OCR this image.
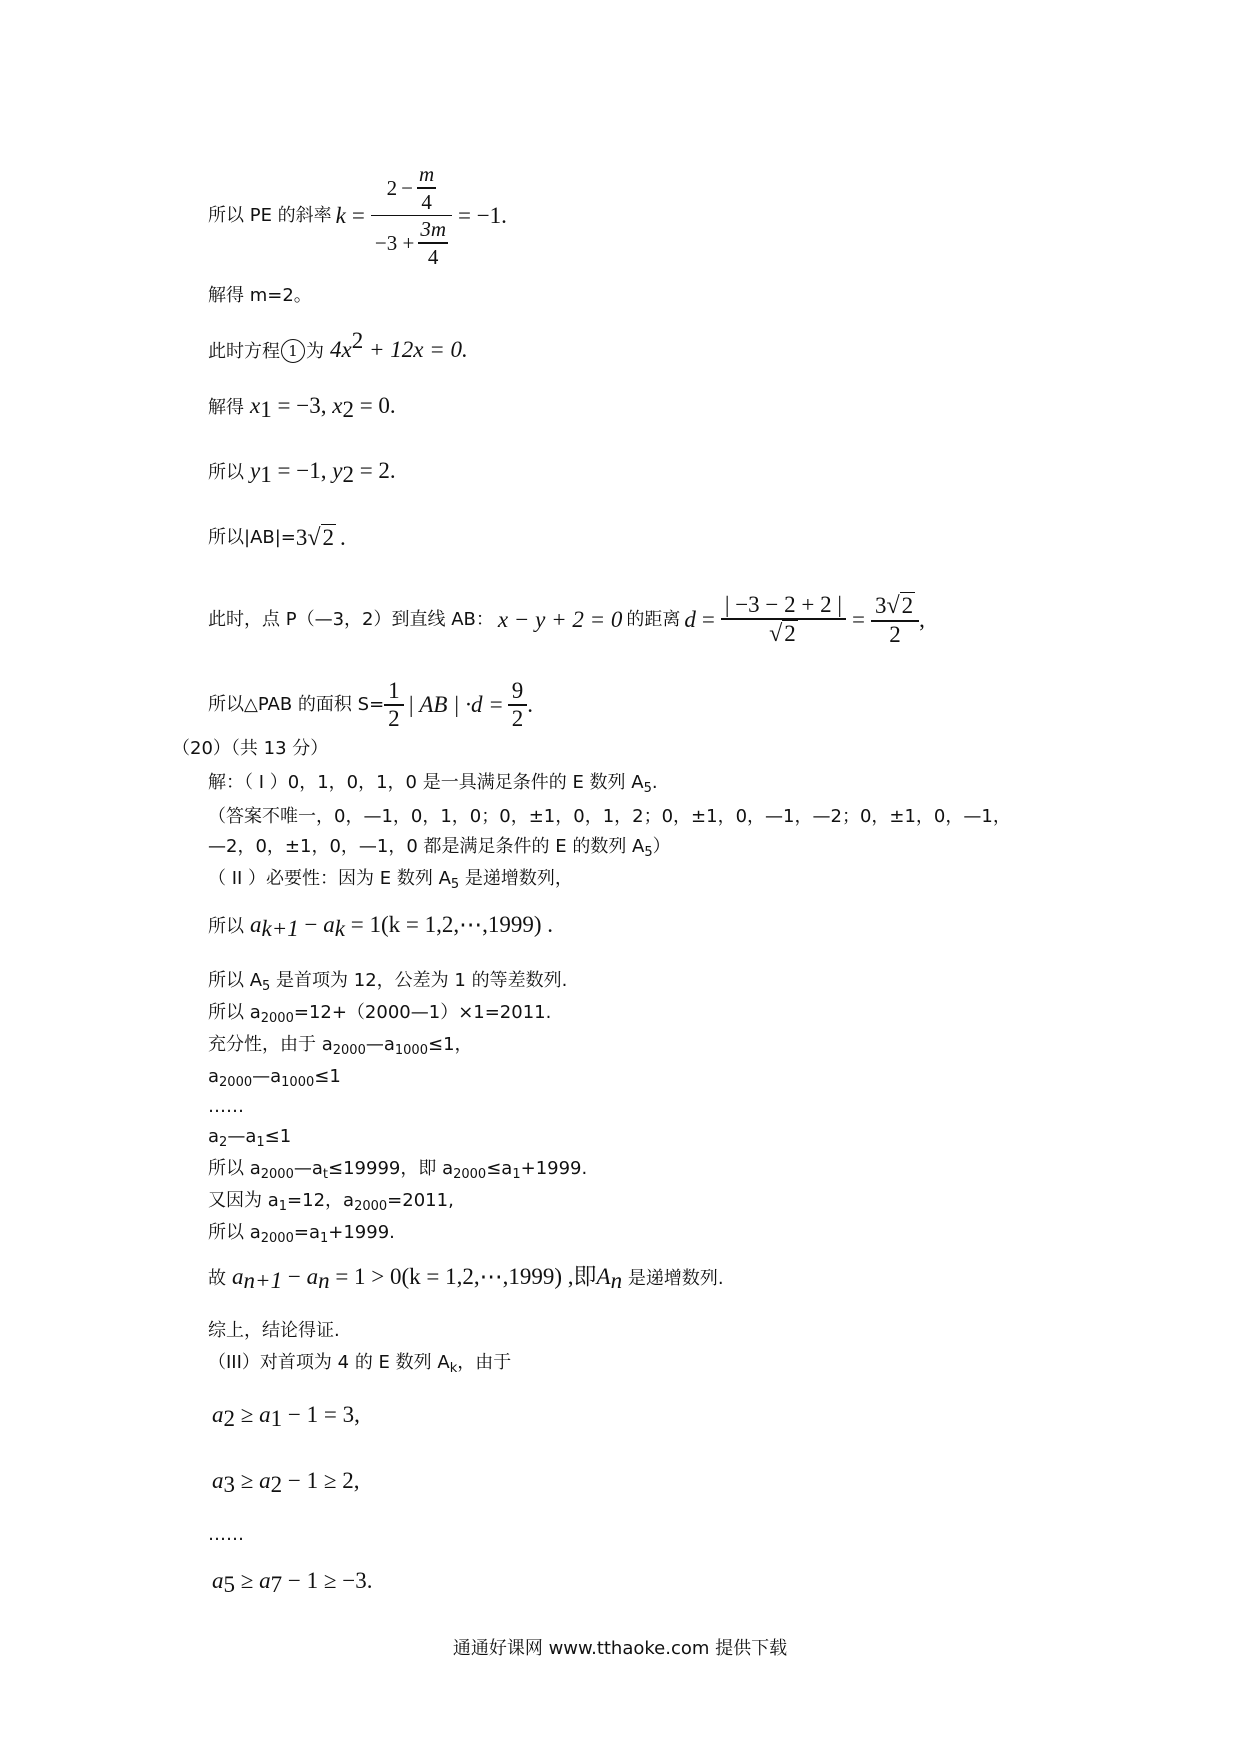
所以 PE 的斜率 $k = \frac{2 - \frac{m}{4}}{-3 + \frac{3m}{4}} = -1$.
解得 m=2。
此时方程 1 为 $4x^2 + 12x = 0$.
解得 $x_1 = -3$, $x_2 = 0$.
所以 $y_1 = -1$, $y_2 = 2$.
所以|AB|= 3 √ 2 .
此时，点 P（—3，2）到直线 AB： x − y + 2 = 0 的距离 $d = \frac{| -3 - 2 + 2 |}{√ 2} = \frac{3 √ 2}{2}$ ,
所以△PAB 的面积 $S= \frac{1}{2}$ | AB | $\cdot d = \frac{9}{2}$ .
（20）（共 13 分）
解：（ I ）0，1，0，1，0 是一具满足条件的 E 数列 $A_5$.
（答案不唯一，0，—1，0，1，0；0，±1，0，1，2；0，±1，0，—1，—2；0，±1，0，—1，
—2，0，±1，0，—1，0 都是满足条件的 E 的数列 $A_5$）
（ II ）必要性：因为 E 数列 $A_5$ 是递增数列，
所以 $a_{k+1} - a_k = 1(k$ = 1,2,⋯,1999) .
所以 $A_5$ 是首项为 12，公差为 1 的等差数列.
所以 $a_{2000}=12+(2000—1)\times 1=2011$.
充分性，由于 $a_{2000}—a_{1000}\le 1$，
$a_{2000}—a_{1000}\le 1$
……
$a_2—a_1\le 1$
所以 $a_{2000}—a_t\le 19999$，即 $a_{2000}\le a_1+1999$.
又因为 $a_1=12$，$a_{2000}=2011$,
所以 $a_{2000}=a_1+1999$.
故 $a_{n+1} - a_n = 1 > 0(k$ = 1,2,⋯,1999) ,即$A_n$ 是递增数列.
综上，结论得证.
（III）对首项为 4 的 E 数列 $A_k$，由于
$a_2 \ge a_1 - 1 = 3$,
$a_3 \ge a_2 - 1 \ge 2$,
……
$a_5 \ge a_7 - 1 \ge -3$.
通通好课网 www.tthaoke.com 提供下载
